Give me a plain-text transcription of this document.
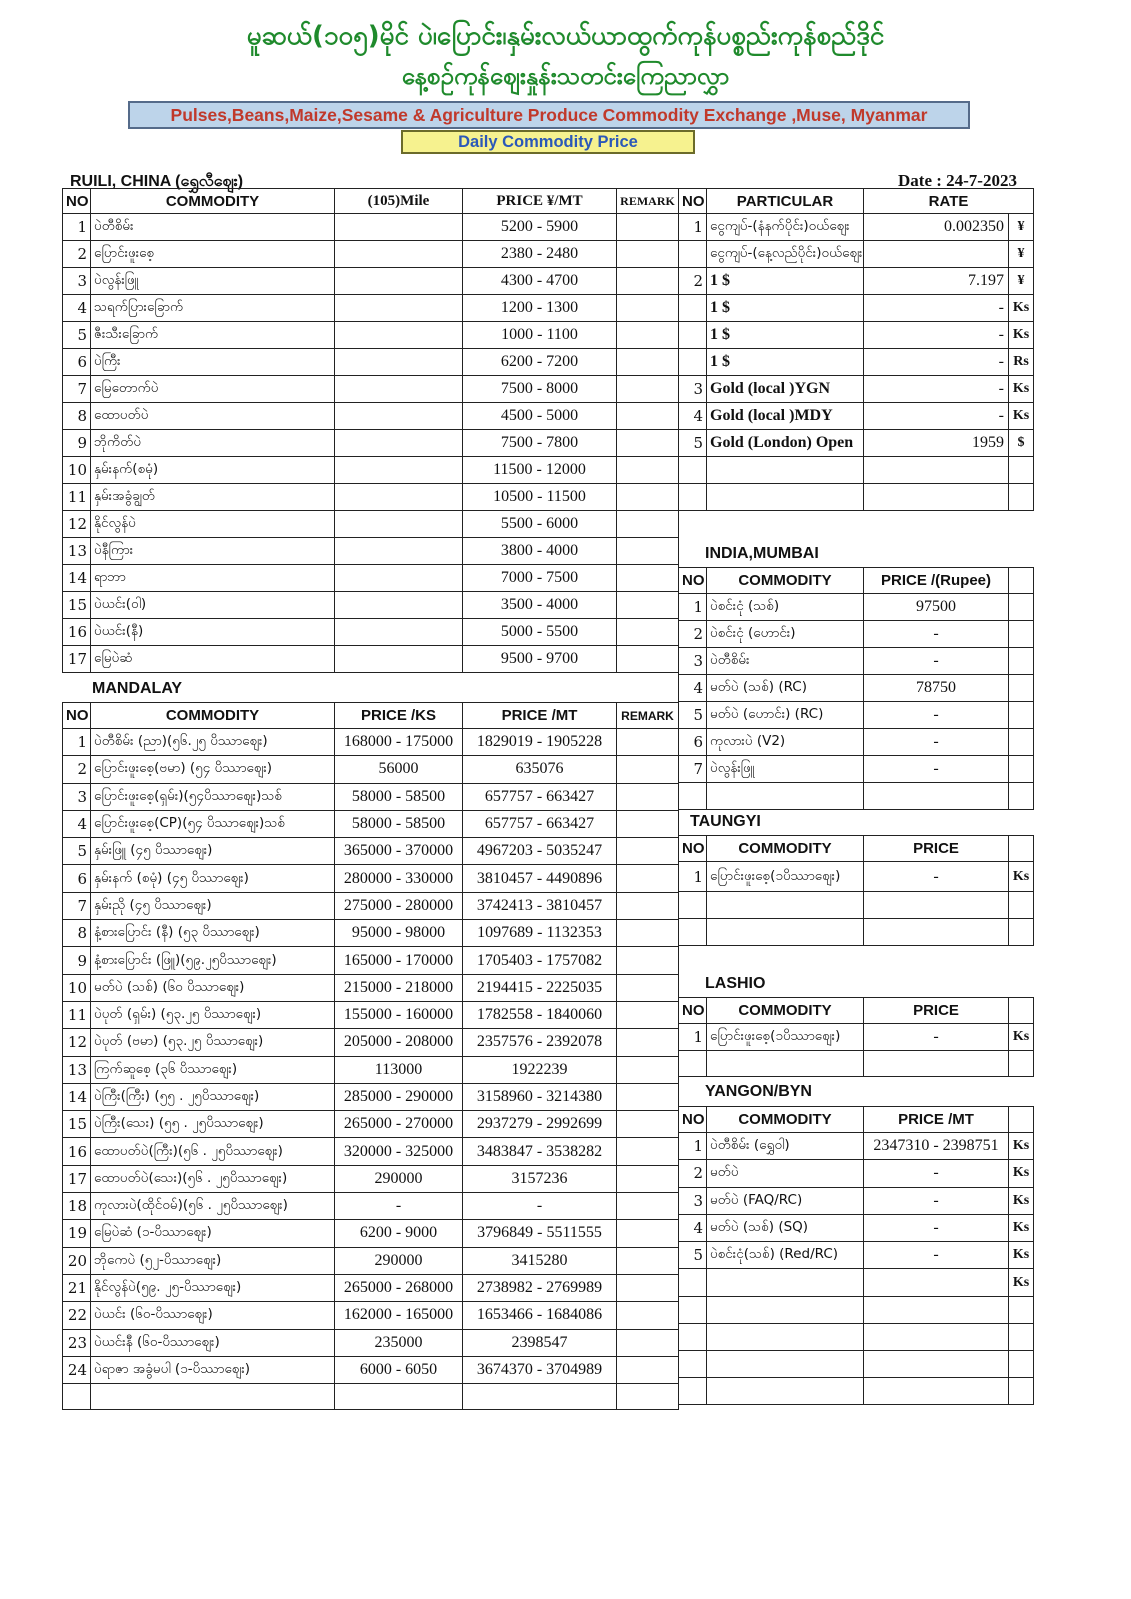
မူဆယ်(၁၀၅)မိုင် ပဲ၊ပြောင်း၊နှမ်းလယ်ယာထွက်ကုန်ပစ္စည်းကုန်စည်ဒိုင်
နေ့စဉ်ကုန်ဈေးနှုန်းသတင်းကြေညာလွှာ
Pulses,Beans,Maize,Sesame & Agriculture Produce Commodity Exchange ,Muse, Myanmar
Daily Commodity Price
RUILI, CHINA (ရွှေလီဈေး)	Date : 24-7-2023
NO	COMMODITY	(105)Mile	PRICE ¥/MT	REMARK
1	ပဲတီစိမ်း		5200 - 5900	
2	ပြောင်းဖူးစေ့		2380 - 2480	
3	ပဲလွန်းဖြူ		4300 - 4700	
4	သရက်ပြားခြောက်		1200 - 1300	
5	ဇီးသီးခြောက်		1000 - 1100	
6	ပဲကြီး		6200 - 7200	
7	မြေတောက်ပဲ		7500 - 8000	
8	ထောပတ်ပဲ		4500 - 5000	
9	ဘိုကိတ်ပဲ		7500 - 7800	
10	နှမ်းနက်(စမုံ)		11500 - 12000	
11	နှမ်းအခွံချွတ်		10500 - 11500	
12	နိုင်လွန်ပဲ		5500 - 6000	
13	ပဲနီကြား		3800 - 4000	
14	ရာဘာ		7000 - 7500	
15	ပဲယင်း(ဝါ)		3500 - 4000	
16	ပဲယင်း(နီ)		5000 - 5500	
17	မြေပဲဆံ		9500 - 9700	
NO	PARTICULAR	RATE	
1	ငွေကျပ်-(နံနက်ပိုင်း)ဝယ်ဈေး	0.002350	¥
	ငွေကျပ်-(နေ့လည်ပိုင်း)ဝယ်ဈေး		¥
2	1 $	7.197	¥
	1 $	-	Ks
	1 $	-	Ks
	1 $	-	Rs
3	Gold (local )YGN	-	Ks
4	Gold (local )MDY	-	Ks
5	Gold (London) Open	1959	$

INDIA,MUMBAI
NO	COMMODITY	PRICE /(Rupee)	
1	ပဲစင်းငုံ (သစ်)	97500	
2	ပဲစင်းငုံ (ဟောင်း)	-	
3	ပဲတီစိမ်း	-	
4	မတ်ပဲ (သစ်) (RC)	78750	
5	မတ်ပဲ (ဟောင်း) (RC)	-	
6	ကုလားပဲ (V2)	-	
7	ပဲလွန်းဖြူ	-	

MANDALAY
NO	COMMODITY	PRICE /KS	PRICE /MT	REMARK
1	ပဲတီစိမ်း (ညာ)(၅၆.၂၅ ပိဿာဈေး)	168000 - 175000	1829019 - 1905228	
2	ပြောင်းဖူးစေ့(ဗမာ) (၅၄ ပိဿာဈေး)	56000	635076	
3	ပြောင်းဖူးစေ့(ရှမ်း)(၅၄ပိဿာဈေး)သစ်	58000 - 58500	657757 - 663427	
4	ပြောင်းဖူးစေ့(CP)(၅၄ ပိဿာဈေး)သစ်	58000 - 58500	657757 - 663427	
5	နှမ်းဖြူ (၄၅ ပိဿာဈေး)	365000 - 370000	4967203 - 5035247	
6	နှမ်းနက် (စမုံ) (၄၅ ပိဿာဈေး)	280000 - 330000	3810457 - 4490896	
7	နှမ်းညို (၄၅ ပိဿာဈေး)	275000 - 280000	3742413 - 3810457	
8	နံ့စားပြောင်း (နီ) (၅၃ ပိဿာဈေး)	95000 - 98000	1097689 - 1132353	
9	နံ့စားပြောင်း (ဖြူ)(၅၉.၂၅ပိဿာဈေး)	165000 - 170000	1705403 - 1757082	
10	မတ်ပဲ (သစ်) (၆၀ ပိဿာဈေး)	215000 - 218000	2194415 - 2225035	
11	ပဲပုတ် (ရှမ်း) (၅၃.၂၅ ပိဿာဈေး)	155000 - 160000	1782558 - 1840060	
12	ပဲပုတ် (ဗမာ) (၅၃.၂၅ ပိဿာဈေး)	205000 - 208000	2357576 - 2392078	
13	ကြက်ဆူစေ့ (၃၆ ပိဿာဈေး)	113000	1922239	
14	ပဲကြီး(ကြီး) (၅၅ . ၂၅ပိဿာဈေး)	285000 - 290000	3158960 - 3214380	
15	ပဲကြီး(သေး) (၅၅ . ၂၅ပိဿာဈေး)	265000 - 270000	2937279 - 2992699	
16	ထောပတ်ပဲ(ကြီး)(၅၆ . ၂၅ပိဿာဈေး)	320000 - 325000	3483847 - 3538282	
17	ထောပတ်ပဲ(သေး)(၅၆ . ၂၅ပိဿာဈေး)	290000	3157236	
18	ကုလားပဲ(ထိုင်ဝမ်)(၅၆ . ၂၅ပိဿာဈေး)	-	-	
19	မြေပဲဆံ (၁-ပိဿာဈေး)	6200 - 9000	3796849 - 5511555	
20	ဘိုကေပဲ (၅၂-ပိဿာဈေး)	290000	3415280	
21	နိုင်လွန်ပဲ(၅၉. ၂၅-ပိဿာဈေး)	265000 - 268000	2738982 - 2769989	
22	ပဲယင်း (၆၀-ပိဿာဈေး)	162000 - 165000	1653466 - 1684086	
23	ပဲယင်းနီ (၆၀-ပိဿာဈေး)	235000	2398547	
24	ပဲရာဇာ အခွံမပါ (၁-ပိဿာဈေး)	6000 - 6050	3674370 - 3704989	

TAUNGYI
NO	COMMODITY	PRICE	
1	ပြောင်းဖူးစေ့(၁ပိဿာဈေး)	-	Ks

LASHIO
NO	COMMODITY	PRICE	
1	ပြောင်းဖူးစေ့(၁ပိဿာဈေး)	-	Ks

YANGON/BYN
NO	COMMODITY	PRICE /MT	
1	ပဲတီစိမ်း (ရွှေဝါ)	2347310 - 2398751	Ks
2	မတ်ပဲ	-	Ks
3	မတ်ပဲ (FAQ/RC)	-	Ks
4	မတ်ပဲ (သစ်) (SQ)	-	Ks
5	ပဲစင်းငုံ(သစ်) (Red/RC)	-	Ks
			Ks
